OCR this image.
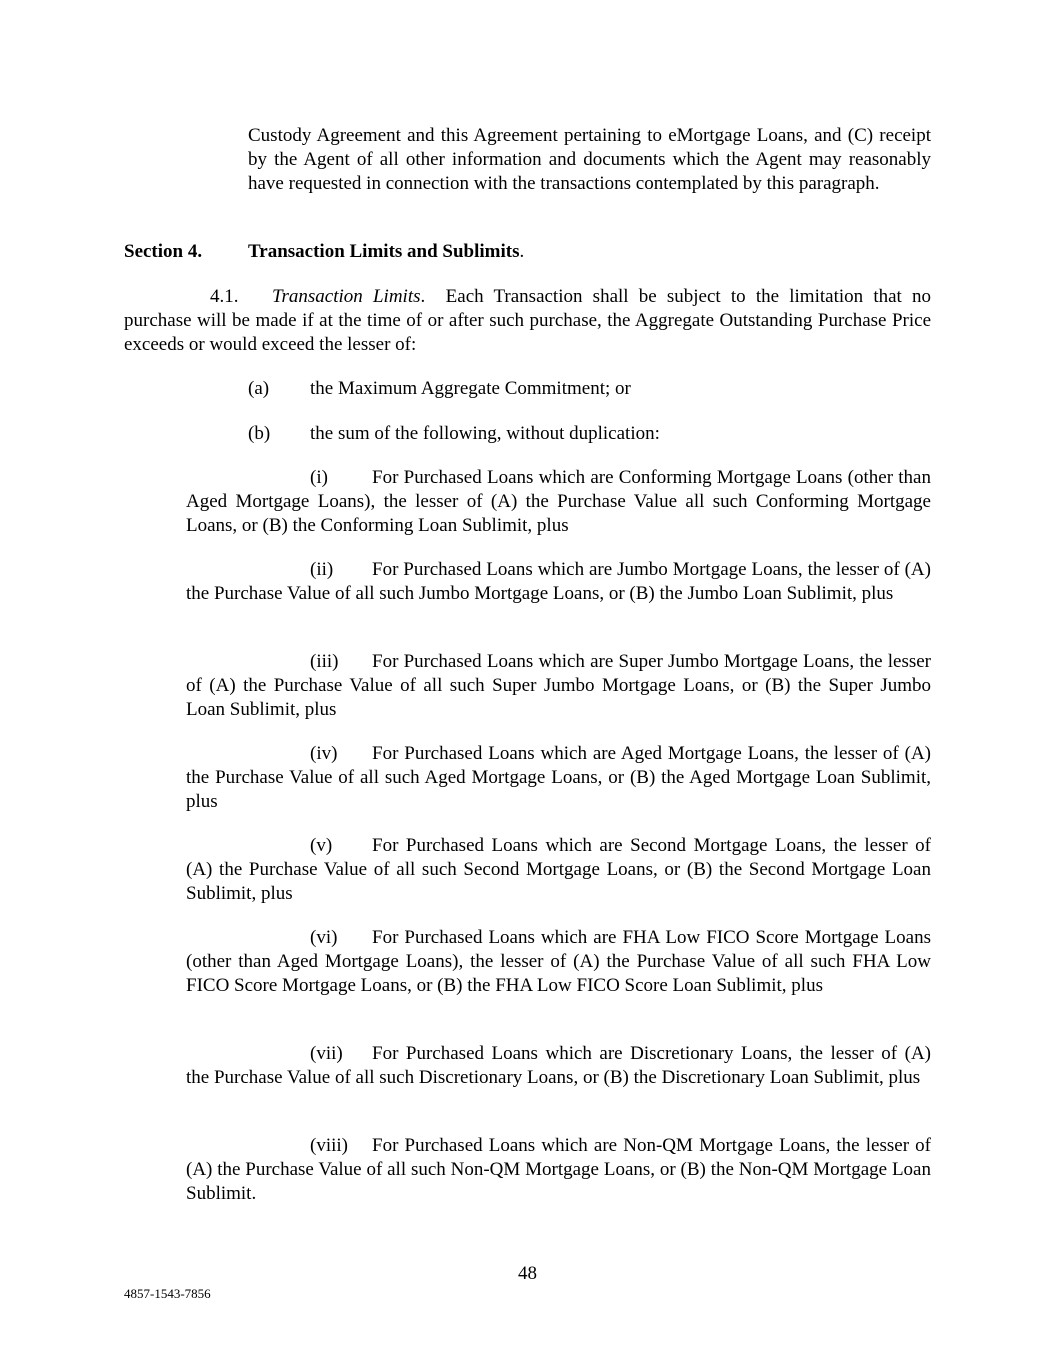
Custody Agreement and this Agreement pertaining to eMortgage Loans, and (C) receipt by the Agent of all other information and documents which the Agent may reasonably have requested in connection with the transactions contemplated by this paragraph.

Section 4. Transaction Limits and Sublimits.

4.1. Transaction Limits. Each Transaction shall be subject to the limitation that no purchase will be made if at the time of or after such purchase, the Aggregate Outstanding Purchase Price exceeds or would exceed the lesser of:

(a) the Maximum Aggregate Commitment; or

(b) the sum of the following, without duplication:

(i) For Purchased Loans which are Conforming Mortgage Loans (other than Aged Mortgage Loans), the lesser of (A) the Purchase Value all such Conforming Mortgage Loans, or (B) the Conforming Loan Sublimit, plus

(ii) For Purchased Loans which are Jumbo Mortgage Loans, the lesser of (A) the Purchase Value of all such Jumbo Mortgage Loans, or (B) the Jumbo Loan Sublimit, plus

(iii) For Purchased Loans which are Super Jumbo Mortgage Loans, the lesser of (A) the Purchase Value of all such Super Jumbo Mortgage Loans, or (B) the Super Jumbo Loan Sublimit, plus

(iv) For Purchased Loans which are Aged Mortgage Loans, the lesser of (A) the Purchase Value of all such Aged Mortgage Loans, or (B) the Aged Mortgage Loan Sublimit, plus

(v) For Purchased Loans which are Second Mortgage Loans, the lesser of (A) the Purchase Value of all such Second Mortgage Loans, or (B) the Second Mortgage Loan Sublimit, plus

(vi) For Purchased Loans which are FHA Low FICO Score Mortgage Loans (other than Aged Mortgage Loans), the lesser of (A) the Purchase Value of all such FHA Low FICO Score Mortgage Loans, or (B) the FHA Low FICO Score Loan Sublimit, plus

(vii) For Purchased Loans which are Discretionary Loans, the lesser of (A) the Purchase Value of all such Discretionary Loans, or (B) the Discretionary Loan Sublimit, plus

(viii) For Purchased Loans which are Non-QM Mortgage Loans, the lesser of (A) the Purchase Value of all such Non-QM Mortgage Loans, or (B) the Non-QM Mortgage Loan Sublimit.

48

4857-1543-7856
